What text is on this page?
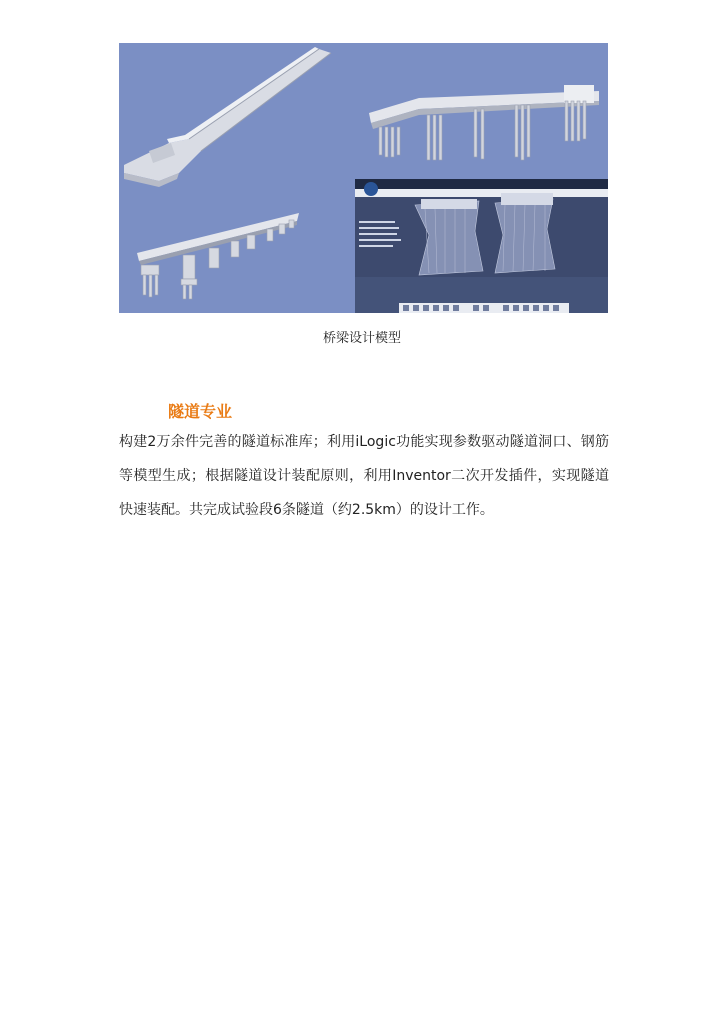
桥梁设计模型
隧道专业
构建2万余件完善的隧道标准库；利用iLogic功能实现参数驱动隧道洞口、钢筋等模型生成；根据隧道设计装配原则，利用Inventor二次开发插件，实现隧道快速装配。共完成试验段6条隧道（约2.5km）的设计工作。
